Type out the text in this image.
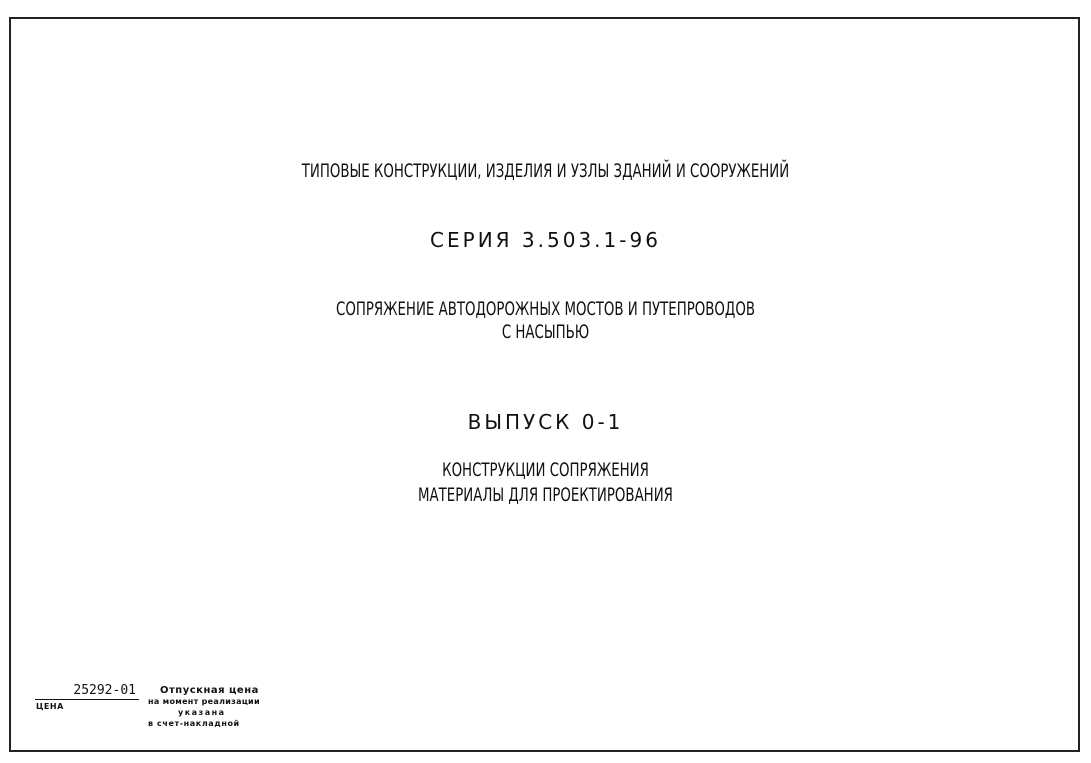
ТИПОВЫЕ КОНСТРУКЦИИ, ИЗДЕЛИЯ И УЗЛЫ ЗДАНИЙ И СООРУЖЕНИЙ
СЕРИЯ 3.503.1-96
СОПРЯЖЕНИЕ АВТОДОРОЖНЫХ МОСТОВ И ПУТЕПРОВОДОВ
С НАСЫПЬЮ
ВЫПУСК 0-1
КОНСТРУКЦИИ СОПРЯЖЕНИЯ
МАТЕРИАЛЫ ДЛЯ ПРОЕКТИРОВАНИЯ
25292-01
ЦЕНА
Отпускная цена
на момент реализации
указана
в счет-накладной
